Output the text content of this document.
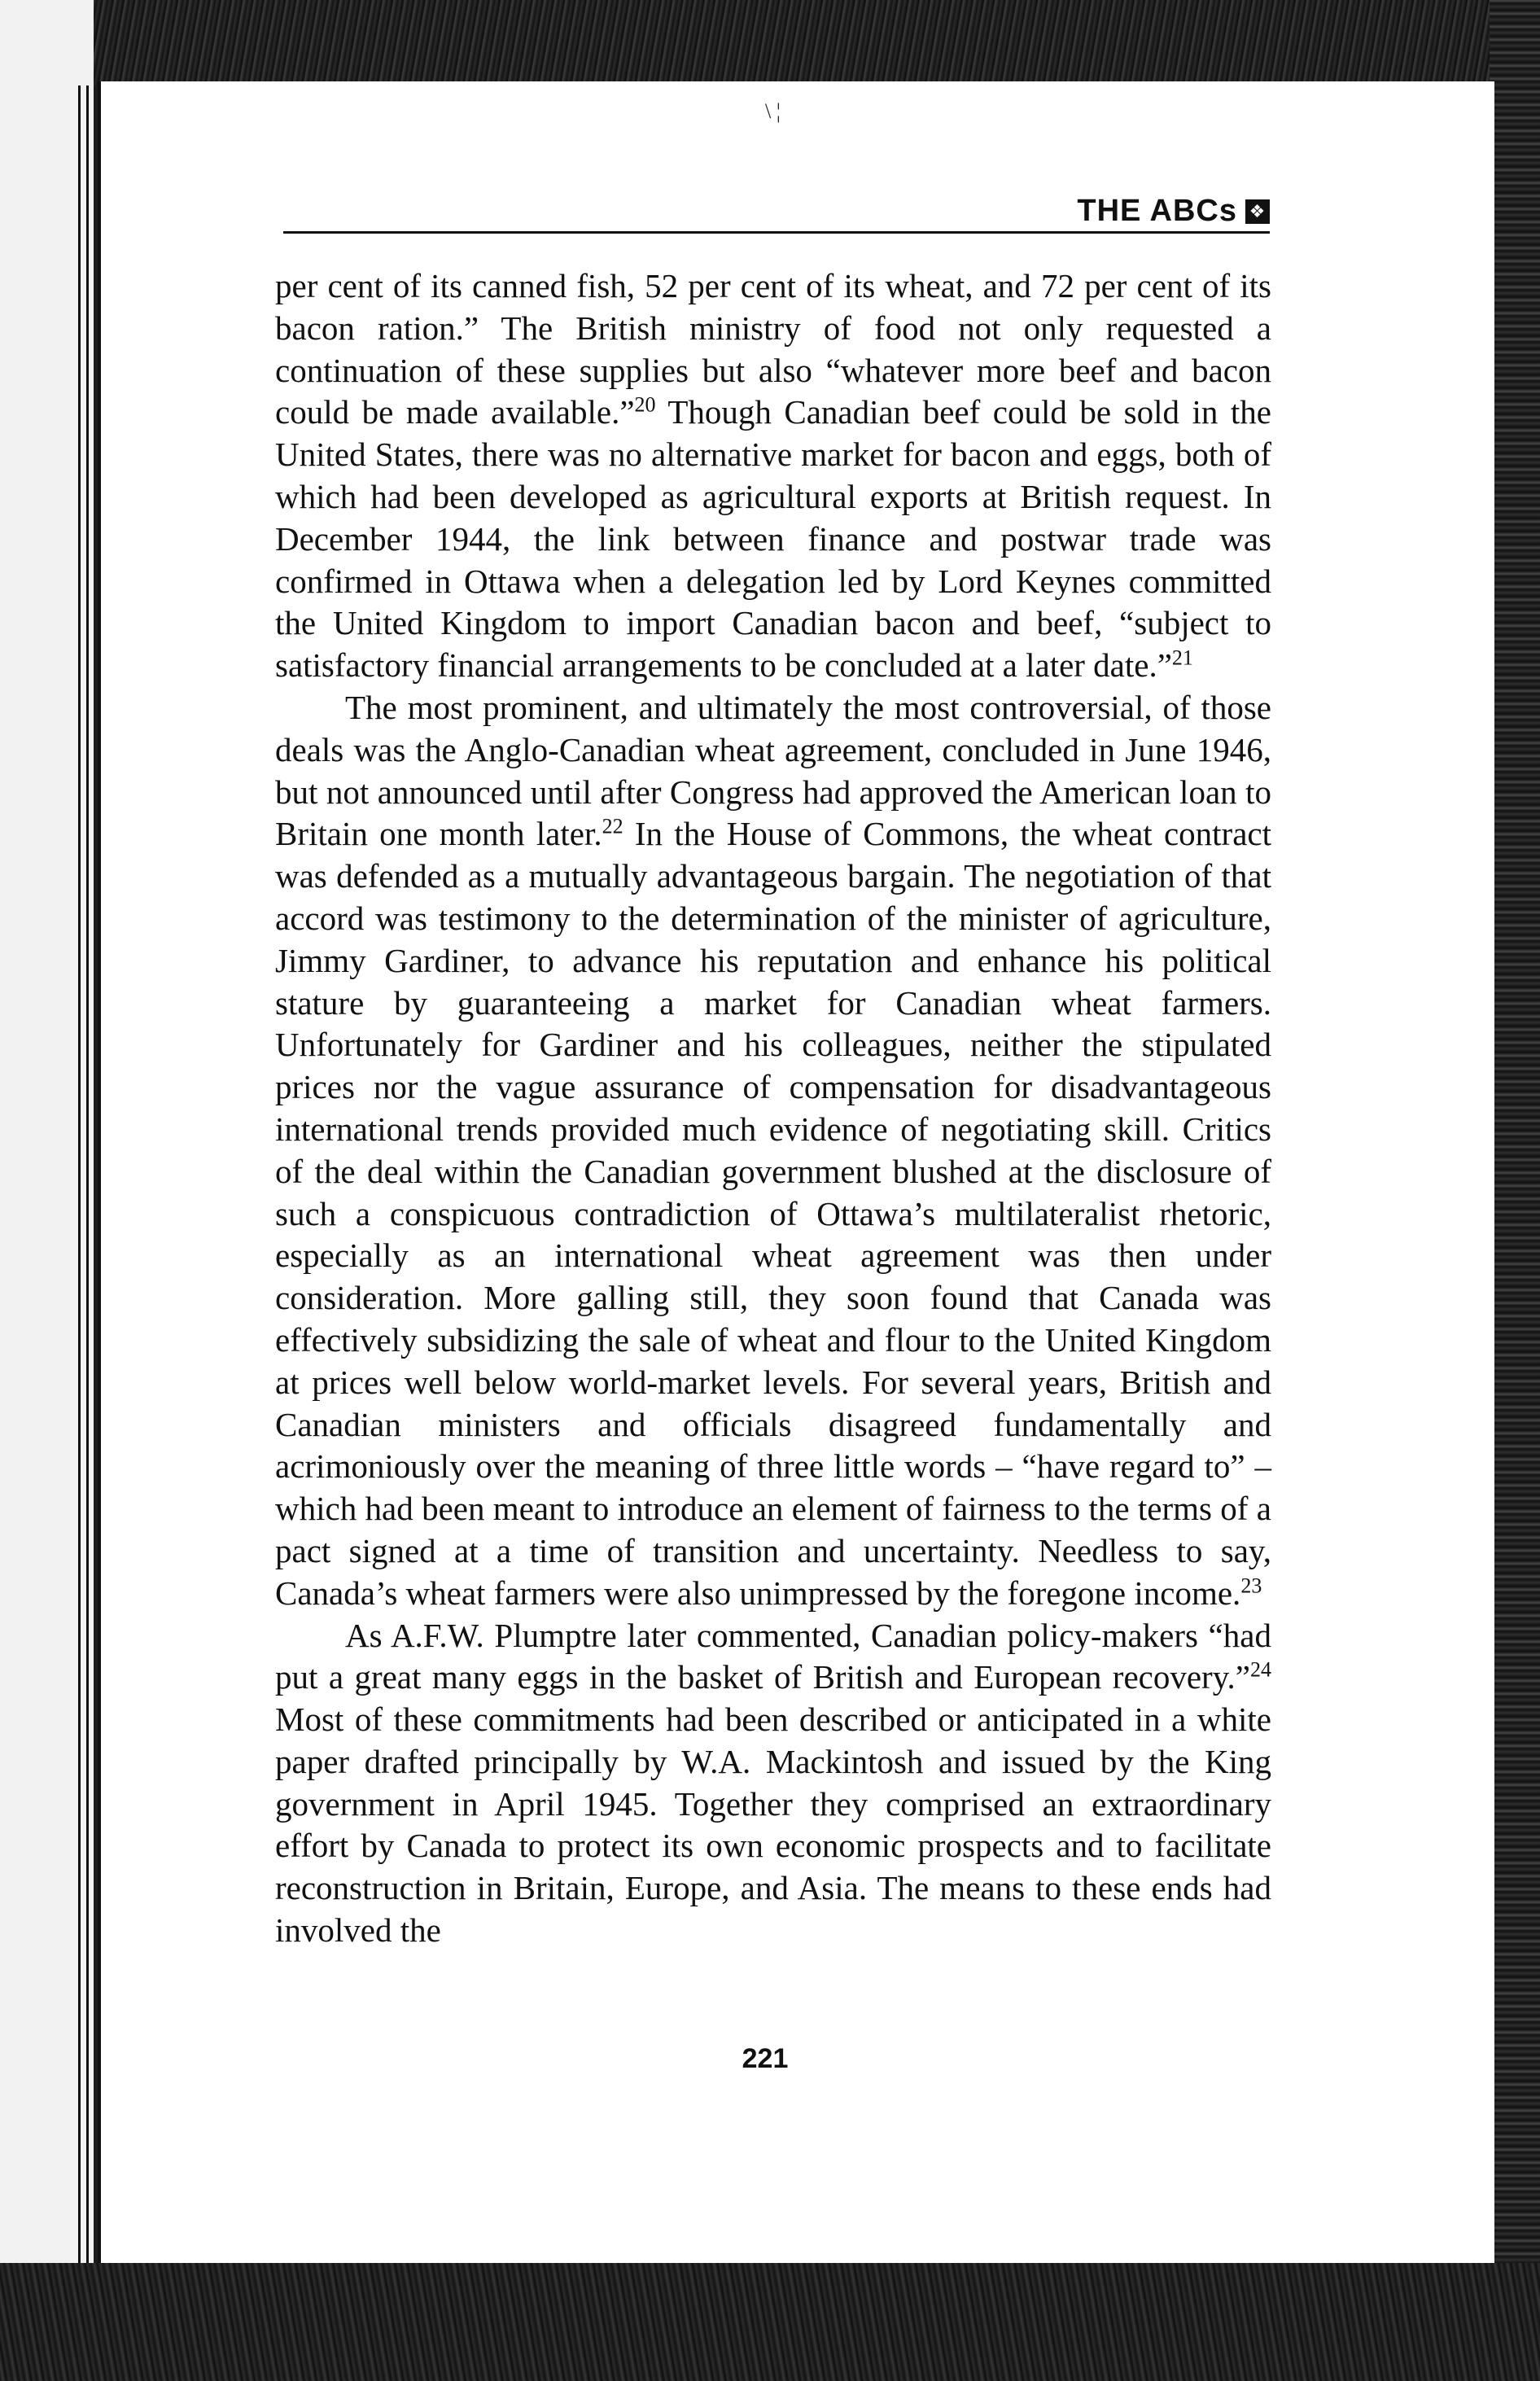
\ ¦
THE ABCs ❖

per cent of its canned fish, 52 per cent of its wheat, and 72 per cent of its bacon ration.” The British ministry of food not only requested a continuation of these supplies but also “whatever more beef and bacon could be made available.”$^{20}$ Though Canadian beef could be sold in the United States, there was no alternative market for bacon and eggs, both of which had been developed as agricultural exports at British request. In December 1944, the link between finance and postwar trade was confirmed in Ottawa when a delegation led by Lord Keynes committed the United Kingdom to import Canadian bacon and beef, “subject to satisfactory financial arrangements to be concluded at a later date.”$^{21}$

The most prominent, and ultimately the most controversial, of those deals was the Anglo-Canadian wheat agreement, concluded in June 1946, but not announced until after Congress had approved the American loan to Britain one month later.$^{22}$ In the House of Commons, the wheat contract was defended as a mutually advantageous bargain. The negotiation of that accord was testimony to the determination of the minister of agriculture, Jimmy Gardiner, to advance his reputation and enhance his political stature by guaranteeing a market for Canadian wheat farmers. Unfortunately for Gardiner and his colleagues, neither the stipulated prices nor the vague assurance of compensation for disadvantageous international trends provided much evidence of negotiating skill. Critics of the deal within the Canadian government blushed at the disclosure of such a conspicuous contradiction of Ottawa’s multilateralist rhetoric, especially as an international wheat agreement was then under consideration. More galling still, they soon found that Canada was effectively subsidizing the sale of wheat and flour to the United Kingdom at prices well below world-market levels. For several years, British and Canadian ministers and officials disagreed fundamentally and acrimoniously over the meaning of three little words – “have regard to” – which had been meant to introduce an element of fairness to the terms of a pact signed at a time of transition and uncertainty. Needless to say, Canada’s wheat farmers were also unimpressed by the foregone income.$^{23}$

As A.F.W. Plumptre later commented, Canadian policy-makers “had put a great many eggs in the basket of British and European recovery.”$^{24}$ Most of these commitments had been described or anticipated in a white paper drafted principally by W.A. Mackintosh and issued by the King government in April 1945. Together they comprised an extraordinary effort by Canada to protect its own economic prospects and to facilitate reconstruction in Britain, Europe, and Asia. The means to these ends had involved the

221
